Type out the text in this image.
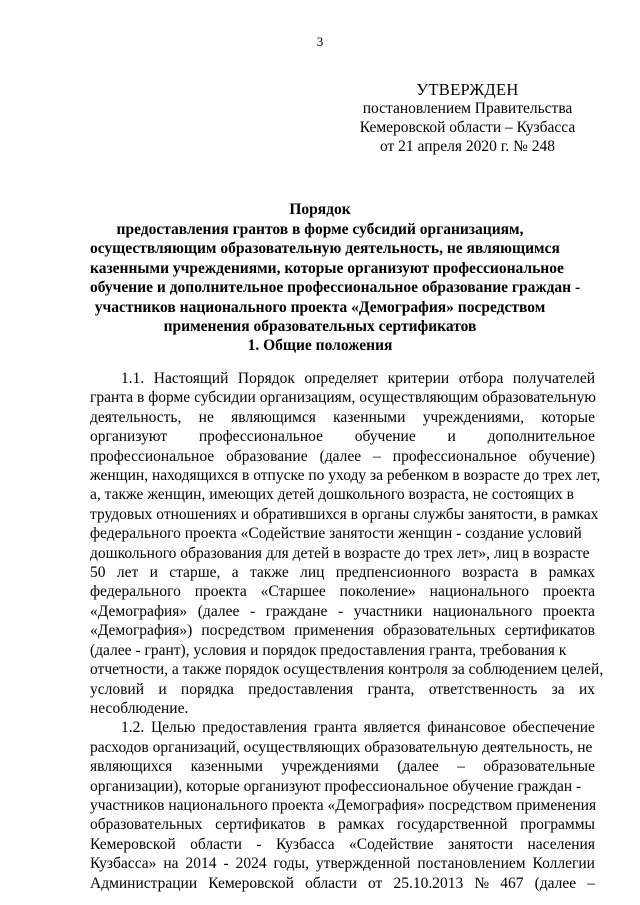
3
УТВЕРЖДЕН
постановлением Правительства
Кемеровской области – Кузбасса
от 21 апреля 2020 г. № 248
Порядок
предоставления грантов в форме субсидий организациям,
осуществляющим образовательную деятельность, не являющимся
казенными учреждениями, которые организуют профессиональное
обучение и дополнительное профессиональное образование граждан -
участников национального проекта «Демография» посредством
применения образовательных сертификатов
1. Общие положения
1.1. Настоящий Порядок определяет критерии отбора получателей
гранта в форме субсидии организациям, осуществляющим образовательную
деятельность, не являющимся казенными учреждениями, которые
организуют профессиональное обучение и дополнительное
профессиональное образование (далее – профессиональное обучение)
женщин, находящихся в отпуске по уходу за ребенком в возрасте до трех лет,
а, также женщин, имеющих детей дошкольного возраста, не состоящих в
трудовых отношениях и обратившихся в органы службы занятости, в рамках
федерального проекта «Содействие занятости женщин - создание условий
дошкольного образования для детей в возрасте до трех лет», лиц в возрасте
50 лет и старше, а также лиц предпенсионного возраста в рамках
федерального проекта «Старшее поколение» национального проекта
«Демография» (далее - граждане - участники национального проекта
«Демография») посредством применения образовательных сертификатов
(далее - грант), условия и порядок предоставления гранта, требования к
отчетности, а также порядок осуществления контроля за соблюдением целей,
условий и порядка предоставления гранта, ответственность за их
несоблюдение.
1.2. Целью предоставления гранта является финансовое обеспечение
расходов организаций, осуществляющих образовательную деятельность, не
являющихся казенными учреждениями (далее – образовательные
организации), которые организуют профессиональное обучение граждан -
участников национального проекта «Демография» посредством применения
образовательных сертификатов в рамках государственной программы
Кемеровской области - Кузбасса «Содействие занятости населения
Кузбасса» на 2014 - 2024 годы, утвержденной постановлением Коллегии
Администрации Кемеровской области от 25.10.2013 № 467 (далее –
